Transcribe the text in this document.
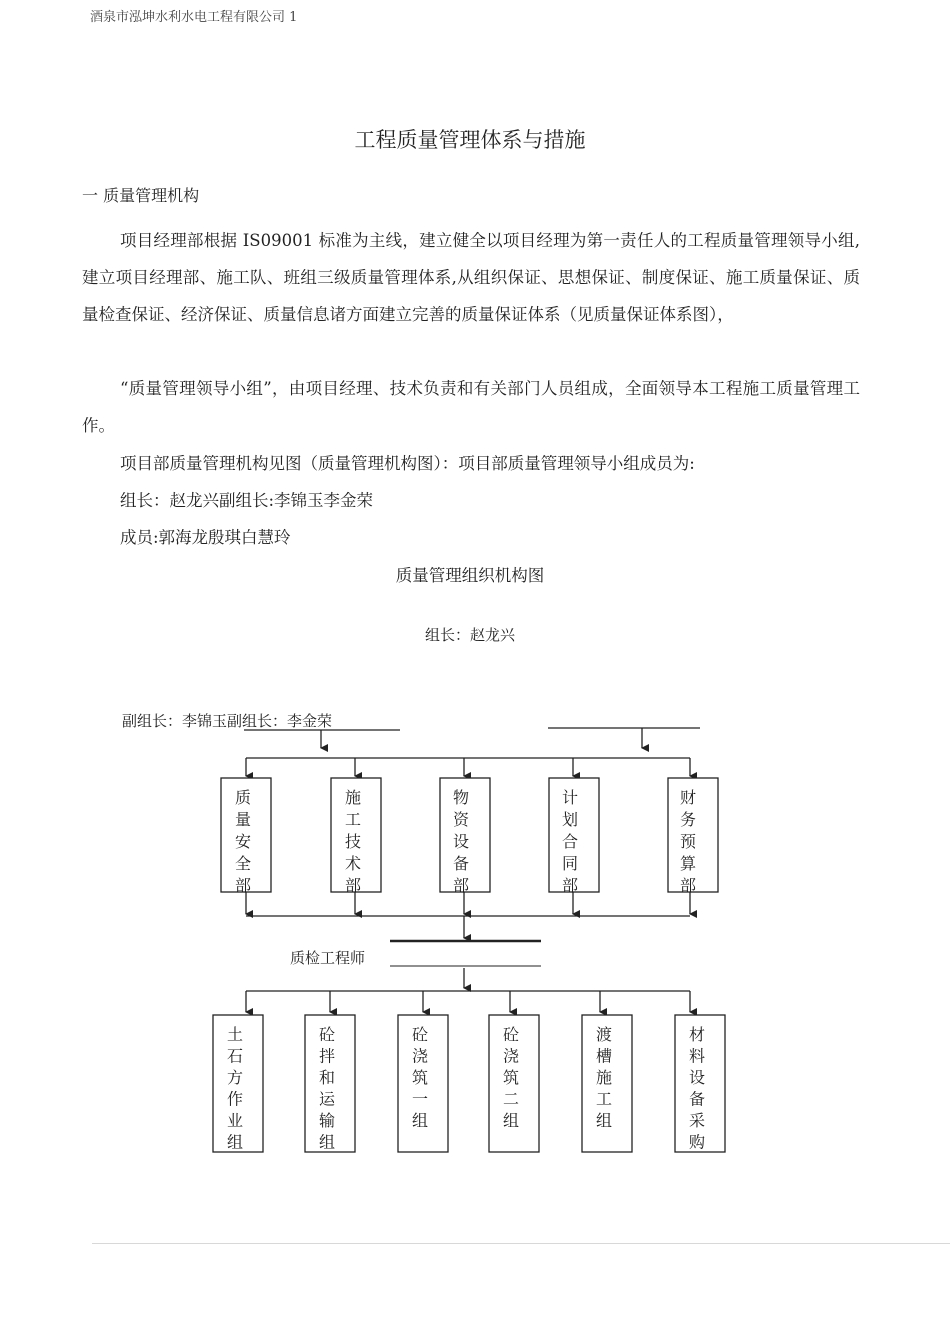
酒泉市泓坤水利水电工程有限公司 1
工程质量管理体系与措施
一 质量管理机构
项目经理部根据 IS09001 标准为主线，建立健全以项目经理为第一责任人的工程质量管理领导小组,建立项目经理部、施工队、班组三级质量管理体系,从组织保证、思想保证、制度保证、施工质量保证、质量检查保证、经济保证、质量信息诸方面建立完善的质量保证体系（见质量保证体系图），
“质量管理领导小组”，由项目经理、技术负责和有关部门人员组成，全面领导本工程施工质量管理工作。
项目部质量管理机构见图（质量管理机构图）：项目部质量管理领导小组成员为:
组长：赵龙兴副组长:李锦玉李金荣
成员:郭海龙殷琪白慧玲
质量管理组织机构图
组长：赵龙兴
副组长：李锦玉副组长：李金荣
质量安全部
施工技术部
物资设备部
计划合同部
财务预算部
质检工程师
土石方作业组
砼拌和运输组
砼浇筑一组
砼浇筑二组
渡槽施工组
材料设备采购
